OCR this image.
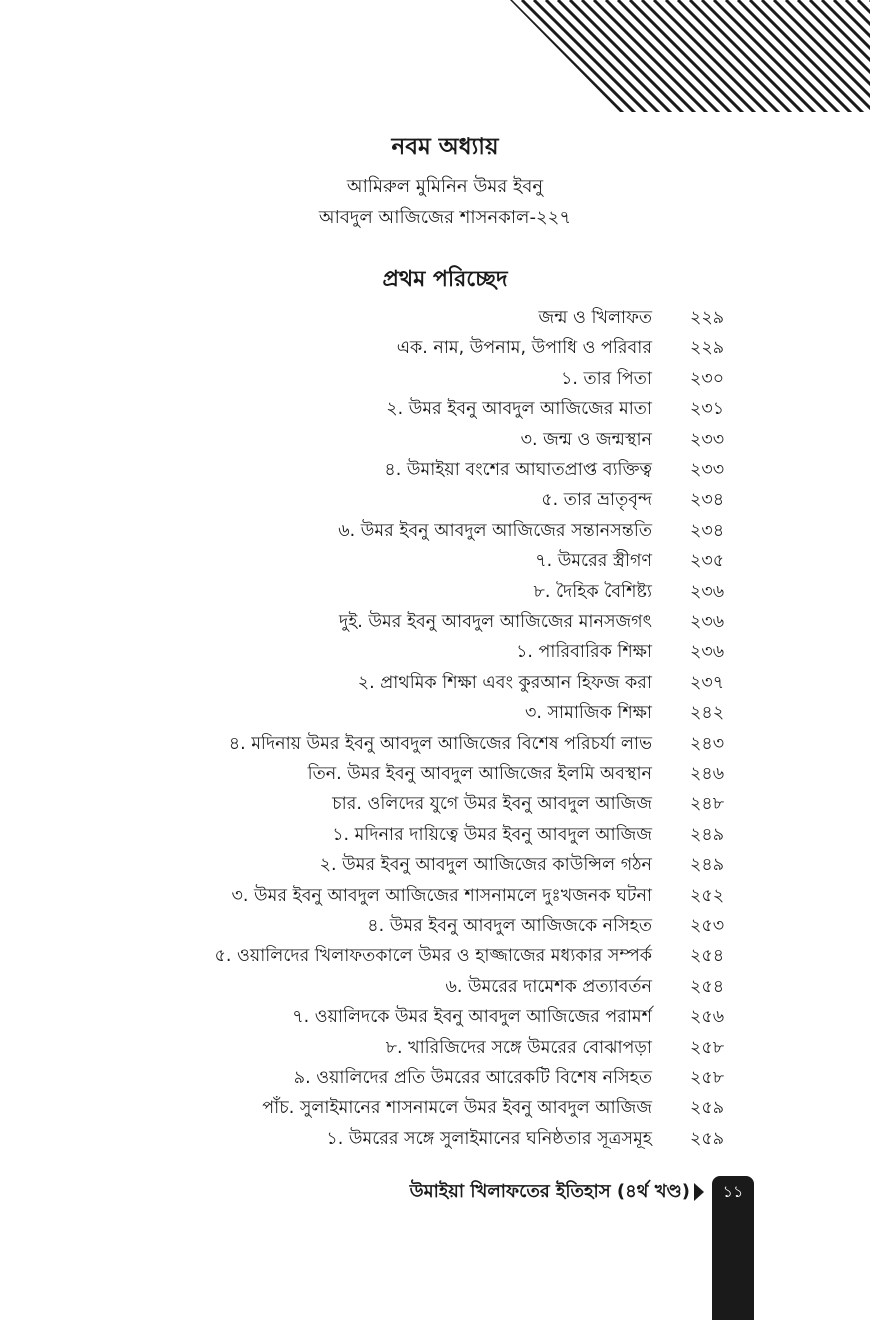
নবম অধ্যায়
আমিরুল মুমিনিন উমর ইবনু
আবদুল আজিজের শাসনকাল-২২৭
প্রথম পরিচ্ছেদ
জন্ম ও খিলাফত ২২৯
এক. নাম, উপনাম, উপাধি ও পরিবার ২২৯
১. তার পিতা ২৩০
২. উমর ইবনু আবদুল আজিজের মাতা ২৩১
৩. জন্ম ও জন্মস্থান ২৩৩
৪. উমাইয়া বংশের আঘাতপ্রাপ্ত ব্যক্তিত্ব ২৩৩
৫. তার ভ্রাতৃবৃন্দ ২৩৪
৬. উমর ইবনু আবদুল আজিজের সন্তানসন্ততি ২৩৪
৭. উমরের স্ত্রীগণ ২৩৫
৮. দৈহিক বৈশিষ্ট্য ২৩৬
দুই. উমর ইবনু আবদুল আজিজের মানসজগৎ ২৩৬
১. পারিবারিক শিক্ষা ২৩৬
২. প্রাথমিক শিক্ষা এবং কুরআন হিফজ করা ২৩৭
৩. সামাজিক শিক্ষা ২৪২
৪. মদিনায় উমর ইবনু আবদুল আজিজের বিশেষ পরিচর্যা লাভ ২৪৩
তিন. উমর ইবনু আবদুল আজিজের ইলমি অবস্থান ২৪৬
চার. ওলিদের যুগে উমর ইবনু আবদুল আজিজ ২৪৮
১. মদিনার দায়িত্বে উমর ইবনু আবদুল আজিজ ২৪৯
২. উমর ইবনু আবদুল আজিজের কাউন্সিল গঠন ২৪৯
৩. উমর ইবনু আবদুল আজিজের শাসনামলে দুঃখজনক ঘটনা ২৫২
৪. উমর ইবনু আবদুল আজিজকে নসিহত ২৫৩
৫. ওয়ালিদের খিলাফতকালে উমর ও হাজ্জাজের মধ্যকার সম্পর্ক ২৫৪
৬. উমরের দামেশক প্রত্যাবর্তন ২৫৪
৭. ওয়ালিদকে উমর ইবনু আবদুল আজিজের পরামর্শ ২৫৬
৮. খারিজিদের সঙ্গে উমরের বোঝাপড়া ২৫৮
৯. ওয়ালিদের প্রতি উমরের আরেকটি বিশেষ নসিহত ২৫৮
পাঁচ. সুলাইমানের শাসনামলে উমর ইবনু আবদুল আজিজ ২৫৯
১. উমরের সঙ্গে সুলাইমানের ঘনিষ্ঠতার সূত্রসমূহ ২৫৯
উমাইয়া খিলাফতের ইতিহাস (৪র্থ খণ্ড)	১১
